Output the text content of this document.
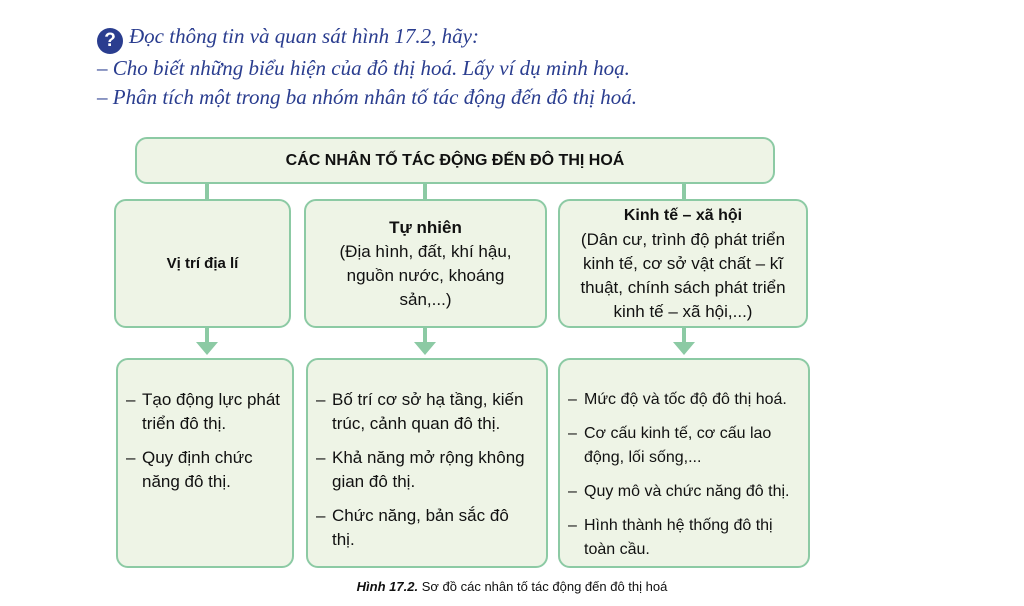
? Đọc thông tin và quan sát hình 17.2, hãy:
– Cho biết những biểu hiện của đô thị hoá. Lấy ví dụ minh hoạ.
– Phân tích một trong ba nhóm nhân tố tác động đến đô thị hoá.
CÁC NHÂN TỐ TÁC ĐỘNG ĐẾN ĐÔ THỊ HOÁ
Vị trí địa lí
Tự nhiên
(Địa hình, đất, khí hậu, nguồn nước, khoáng sản,...)
Kinh tế – xã hội
(Dân cư, trình độ phát triển kinh tế, cơ sở vật chất – kĩ thuật, chính sách phát triển kinh tế – xã hội,...)
– Tạo động lực phát triển đô thị.
– Quy định chức năng đô thị.
– Bố trí cơ sở hạ tầng, kiến trúc, cảnh quan đô thị.
– Khả năng mở rộng không gian đô thị.
– Chức năng, bản sắc đô thị.
– Mức độ và tốc độ đô thị hoá.
– Cơ cấu kinh tế, cơ cấu lao động, lối sống,...
– Quy mô và chức năng đô thị.
– Hình thành hệ thống đô thị toàn cầu.
Hình 17.2. Sơ đồ các nhân tố tác động đến đô thị hoá
